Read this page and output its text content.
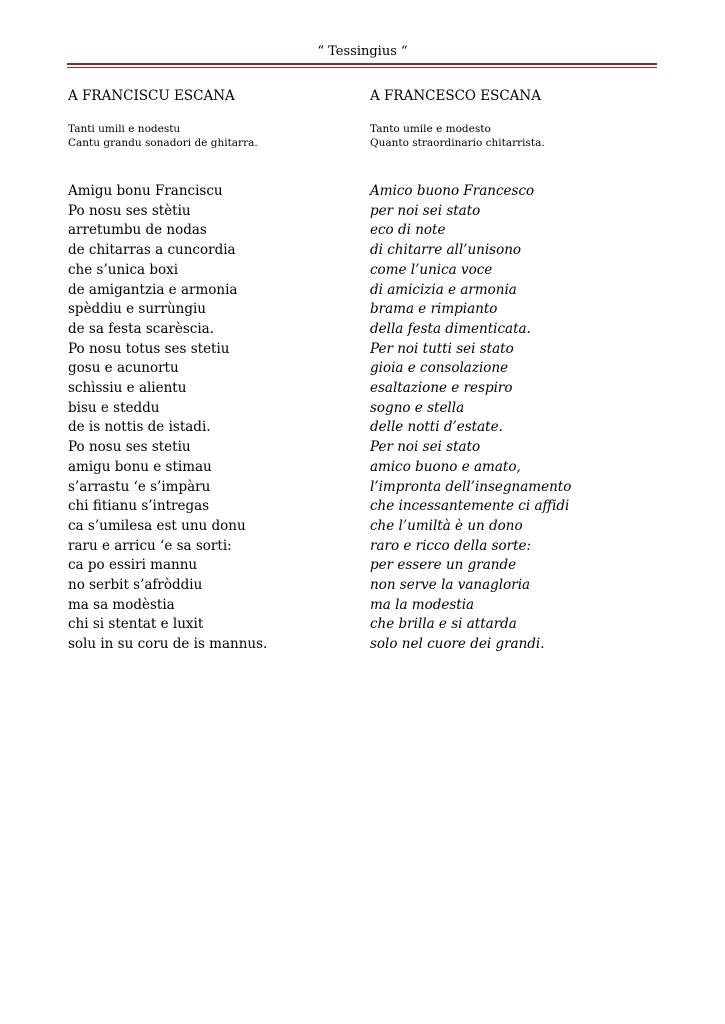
“ Tessingius “
A FRANCISCU ESCANA
Tanti umili e nodestu
Cantu grandu sonadori de ghitarra.
Amigu bonu Franciscu
Po nosu ses stètiu
arretumbu de nodas
de chitarras a cuncordia
che s’unica boxi
de amigantzia e armonia
spèddiu e surrùngiu
de sa festa scarèscia.
Po nosu totus ses stetiu
gosu e acunortu
schìssiu e alientu
bisu e steddu
de is nottis de istadi.
Po nosu ses stetiu
amigu bonu e stimau
s’arrastu ‘e s’impàru
chi fitianu s’intregas
ca s’umilesa est unu donu
raru e arricu ‘e sa sorti:
ca po essiri mannu
no serbit s’afròddiu
ma sa modèstia
chi si stentat e luxit
solu in su coru de is mannus.
A FRANCESCO ESCANA
Tanto umile e modesto
Quanto straordinario chitarrista.
Amico buono Francesco
per noi sei stato
eco di note
di chitarre all’unisono
come l’unica voce
di amicizia e armonia
brama e rimpianto
della festa dimenticata.
Per noi tutti sei stato
gioia e consolazione
esaltazione e respiro
sogno e stella
delle notti d’estate.
Per noi sei stato
amico buono e amato,
l’impronta dell’insegnamento
che incessantemente ci affidi
che l’umiltà è un dono
raro e ricco della sorte:
per essere un grande
non serve la vanagloria
ma la modestia
che brilla e si attarda
solo nel cuore dei grandi.
